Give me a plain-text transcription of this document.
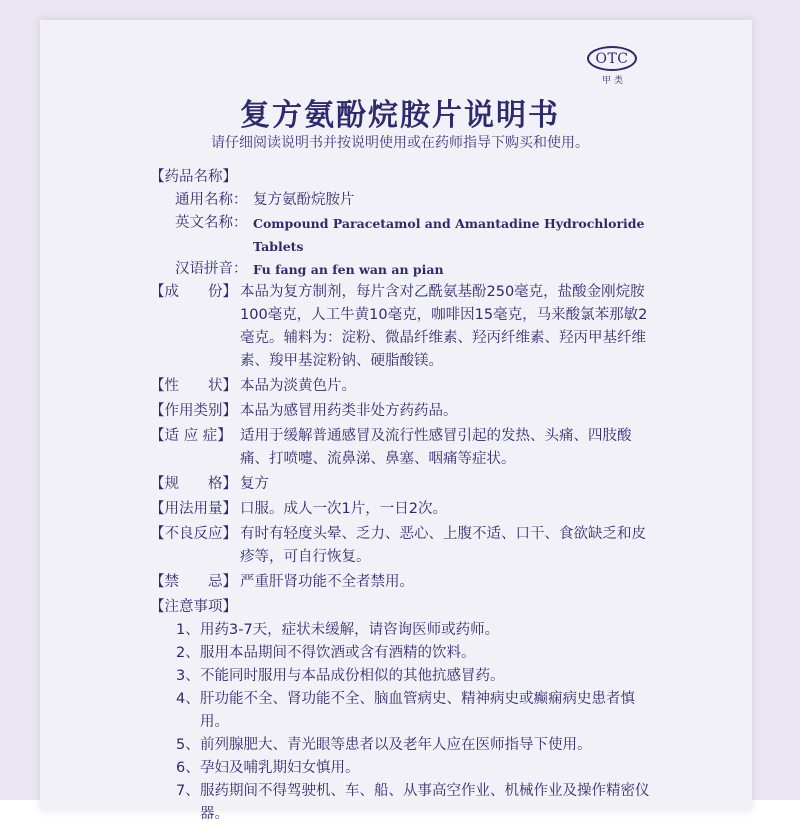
OTC
甲类
复方氨酚烷胺片说明书
请仔细阅读说明书并按说明使用或在药师指导下购买和使用。
【药品名称】
通用名称： 复方氨酚烷胺片
英文名称： Compound Paracetamol and Amantadine Hydrochloride Tablets
汉语拼音： Fu fang an fen wan an pian
【成　　份】 本品为复方制剂，每片含对乙酰氨基酚250毫克，盐酸金刚烷胺100毫克，人工牛黄10毫克，咖啡因15毫克，马来酸氯苯那敏2毫克。辅料为：淀粉、微晶纤维素、羟丙纤维素、羟丙甲基纤维素、羧甲基淀粉钠、硬脂酸镁。
【性　　状】 本品为淡黄色片。
【作用类别】 本品为感冒用药类非处方药药品。
【适 应 症】 适用于缓解普通感冒及流行性感冒引起的发热、头痛、四肢酸痛、打喷嚏、流鼻涕、鼻塞、咽痛等症状。
【规　　格】 复方
【用法用量】 口服。成人一次1片，一日2次。
【不良反应】 有时有轻度头晕、乏力、恶心、上腹不适、口干、食欲缺乏和皮疹等，可自行恢复。
【禁　　忌】 严重肝肾功能不全者禁用。
【注意事项】
1、 用药3-7天，症状未缓解，请咨询医师或药师。
2、 服用本品期间不得饮酒或含有酒精的饮料。
3、 不能同时服用与本品成份相似的其他抗感冒药。
4、 肝功能不全、肾功能不全、脑血管病史、精神病史或癫痫病史患者慎用。
5、 前列腺肥大、青光眼等患者以及老年人应在医师指导下使用。
6、 孕妇及哺乳期妇女慎用。
7、 服药期间不得驾驶机、车、船、从事高空作业、机械作业及操作精密仪器。
